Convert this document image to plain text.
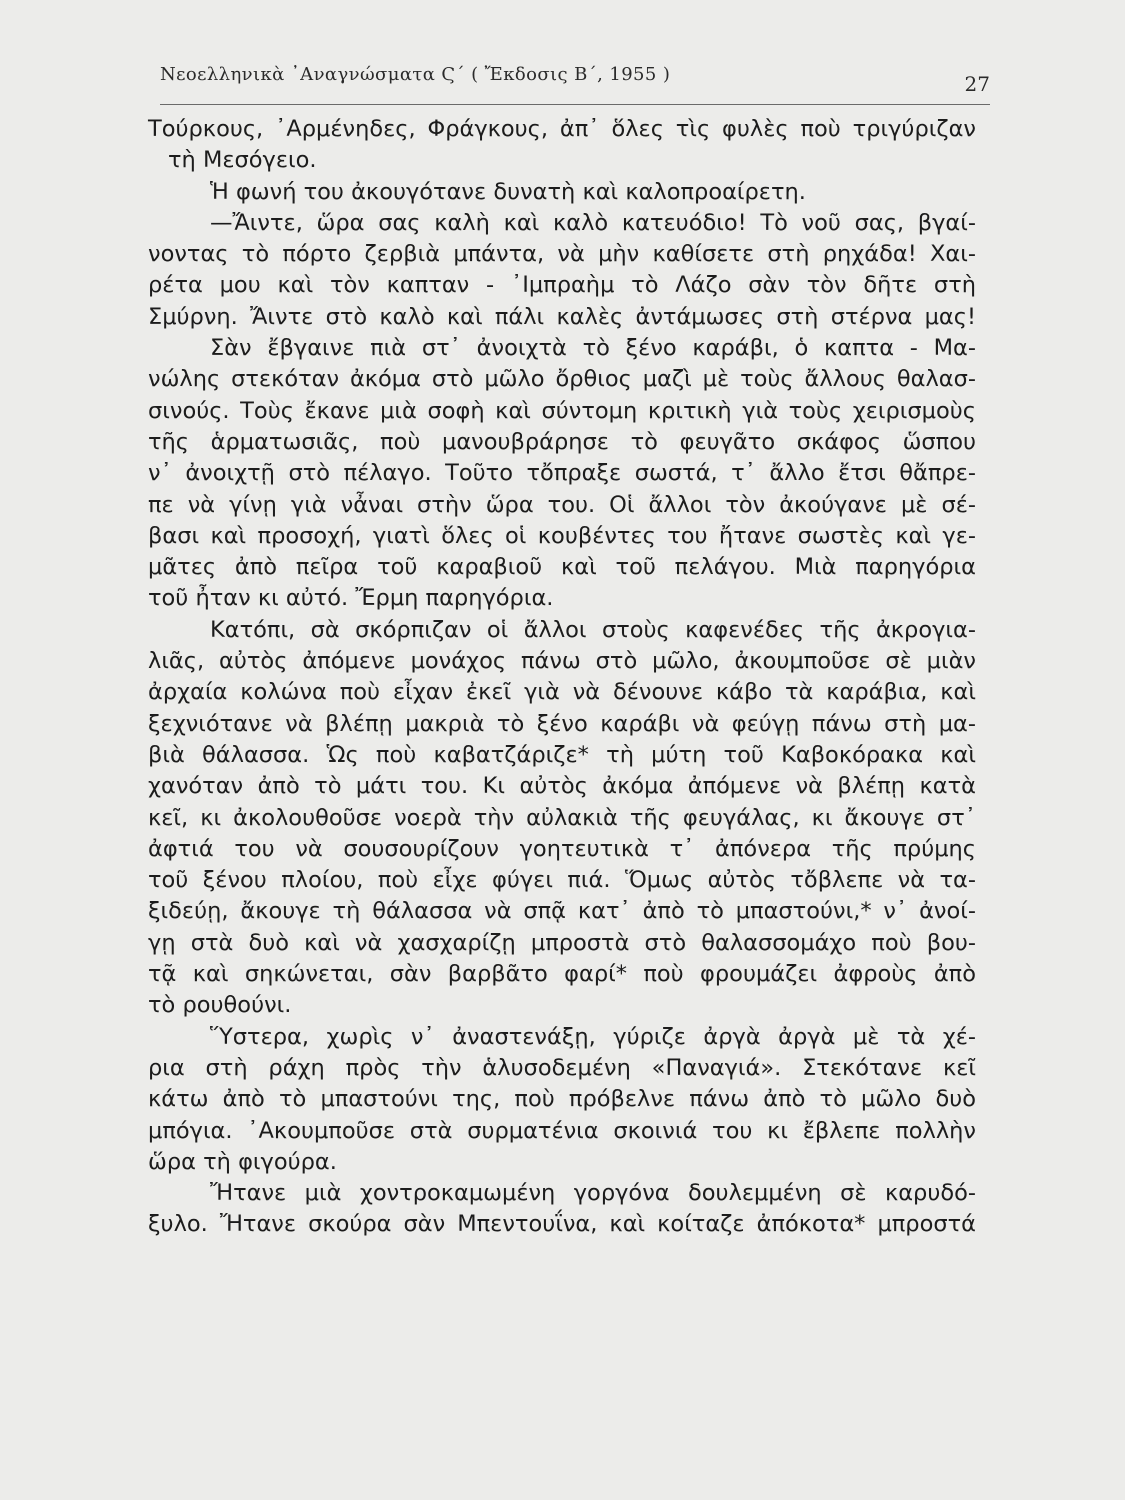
Νεοελληνικὰ ᾿Αναγνώσματα Ϛ΄ ( Ἔκδοσις Β΄, 1955 )	27
Τούρκους, ᾿Αρμένηδες, Φράγκους, ἀπ᾿ ὅλες τὶς φυλὲς ποὺ τριγύριζαν
τὴ Μεσόγειο.
Ἡ φωνή του ἀκουγότανε δυνατὴ καὶ καλοπροαίρετη.
—Ἄιντε, ὥρα σας καλὴ καὶ καλὸ κατευόδιο! Τὸ νοῦ σας, βγαί-
νοντας τὸ πόρτο ζερβιὰ μπάντα, νὰ μὴν καθίσετε στὴ ρηχάδα! Χαι-
ρέτα μου καὶ τὸν καπταν - ᾿Ιμπραὴμ τὸ Λάζο σὰν τὸν δῆτε στὴ
Σμύρνη. Ἄιντε στὸ καλὸ καὶ πάλι καλὲς ἀντάμωσες στὴ στέρνα μας!
Σὰν ἔβγαινε πιὰ στ᾿ ἀνοιχτὰ τὸ ξένο καράβι, ὁ καπτα - Μα-
νώλης στεκόταν ἀκόμα στὸ μῶλο ὄρθιος μαζὶ μὲ τοὺς ἄλλους θαλασ-
σινούς. Τοὺς ἔκανε μιὰ σοφὴ καὶ σύντομη κριτικὴ γιὰ τοὺς χειρισμοὺς
τῆς ἁρματωσιᾶς, ποὺ μανουβράρησε τὸ φευγᾶτο σκάφος ὥσπου
ν᾿ ἀνοιχτῇ στὸ πέλαγο. Τοῦτο τὄπραξε σωστά, τ᾿ ἄλλο ἔτσι θἄπρε-
πε νὰ γίνῃ γιὰ νἆναι στὴν ὥρα του. Οἱ ἄλλοι τὸν ἀκούγανε μὲ σέ-
βασι καὶ προσοχή, γιατὶ ὅλες οἱ κουβέντες του ἤτανε σωστὲς καὶ γε-
μᾶτες ἀπὸ πεῖρα τοῦ καραβιοῦ καὶ τοῦ πελάγου. Μιὰ παρηγόρια
τοῦ ἦταν κι αὐτό. Ἔρμη παρηγόρια.
Κατόπι, σὰ σκόρπιζαν οἱ ἄλλοι στοὺς καφενέδες τῆς ἀκρογια-
λιᾶς, αὐτὸς ἀπόμενε μονάχος πάνω στὸ μῶλο, ἀκουμποῦσε σὲ μιὰν
ἀρχαία κολώνα ποὺ εἶχαν ἐκεῖ γιὰ νὰ δένουνε κάβο τὰ καράβια, καὶ
ξεχνιότανε νὰ βλέπῃ μακριὰ τὸ ξένο καράβι νὰ φεύγῃ πάνω στὴ μα-
βιὰ θάλασσα. Ὡς ποὺ καβατζάριζε* τὴ μύτη τοῦ Καβοκόρακα καὶ
χανόταν ἀπὸ τὸ μάτι του. Κι αὐτὸς ἀκόμα ἀπόμενε νὰ βλέπῃ κατὰ
κεῖ, κι ἀκολουθοῦσε νοερὰ τὴν αὐλακιὰ τῆς φευγάλας, κι ἄκουγε στ᾿
ἀφτιά του νὰ σουσουρίζουν γοητευτικὰ τ᾿ ἀπόνερα τῆς πρύμης
τοῦ ξένου πλοίου, ποὺ εἶχε φύγει πιά. Ὅμως αὐτὸς τὄβλεπε νὰ τα-
ξιδεύῃ, ἄκουγε τὴ θάλασσα νὰ σπᾷ κατ᾿ ἀπὸ τὸ μπαστούνι,* ν᾿ ἀνοί-
γῃ στὰ δυὸ καὶ νὰ χασχαρίζῃ μπροστὰ στὸ θαλασσομάχο ποὺ βου-
τᾷ καὶ σηκώνεται, σὰν βαρβᾶτο φαρί* ποὺ φρουμάζει ἀφροὺς ἀπὸ
τὸ ρουθούνι.
Ὕστερα, χωρὶς ν᾿ ἀναστενάξῃ, γύριζε ἀργὰ ἀργὰ μὲ τὰ χέ-
ρια στὴ ράχη πρὸς τὴν ἁλυσοδεμένη «Παναγιά». Στεκότανε κεῖ
κάτω ἀπὸ τὸ μπαστούνι της, ποὺ πρόβελνε πάνω ἀπὸ τὸ μῶλο δυὸ
μπόγια. ᾿Ακουμποῦσε στὰ συρματένια σκοινιά του κι ἔβλεπε πολλὴν
ὥρα τὴ φιγούρα.
Ἤτανε μιὰ χοντροκαμωμένη γοργόνα δουλεμμένη σὲ καρυδό-
ξυλο. Ἤτανε σκούρα σὰν Μπεντουΐνα, καὶ κοίταζε ἀπόκοτα* μπροστά
